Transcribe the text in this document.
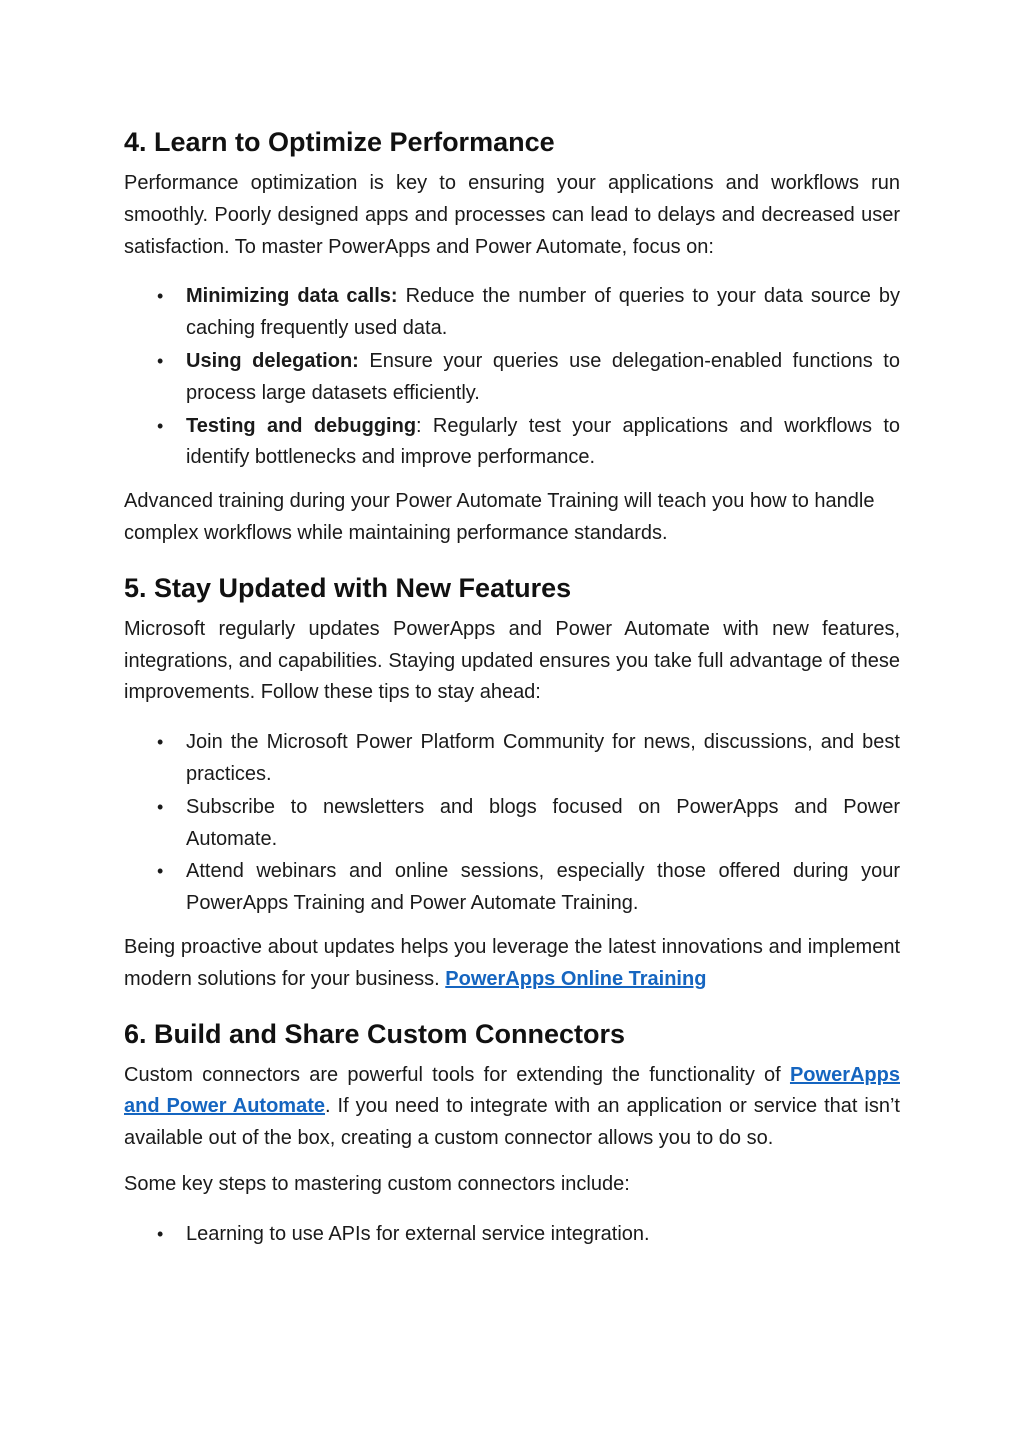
4. Learn to Optimize Performance

Performance optimization is key to ensuring your applications and workflows run smoothly. Poorly designed apps and processes can lead to delays and decreased user satisfaction. To master PowerApps and Power Automate, focus on:

• Minimizing data calls: Reduce the number of queries to your data source by caching frequently used data.
• Using delegation: Ensure your queries use delegation-enabled functions to process large datasets efficiently.
• Testing and debugging: Regularly test your applications and workflows to identify bottlenecks and improve performance.

Advanced training during your Power Automate Training will teach you how to handle complex workflows while maintaining performance standards.

5. Stay Updated with New Features

Microsoft regularly updates PowerApps and Power Automate with new features, integrations, and capabilities. Staying updated ensures you take full advantage of these improvements. Follow these tips to stay ahead:

• Join the Microsoft Power Platform Community for news, discussions, and best practices.
• Subscribe to newsletters and blogs focused on PowerApps and Power Automate.
• Attend webinars and online sessions, especially those offered during your PowerApps Training and Power Automate Training.

Being proactive about updates helps you leverage the latest innovations and implement modern solutions for your business. PowerApps Online Training

6. Build and Share Custom Connectors

Custom connectors are powerful tools for extending the functionality of PowerApps and Power Automate. If you need to integrate with an application or service that isn’t available out of the box, creating a custom connector allows you to do so.

Some key steps to mastering custom connectors include:

• Learning to use APIs for external service integration.
